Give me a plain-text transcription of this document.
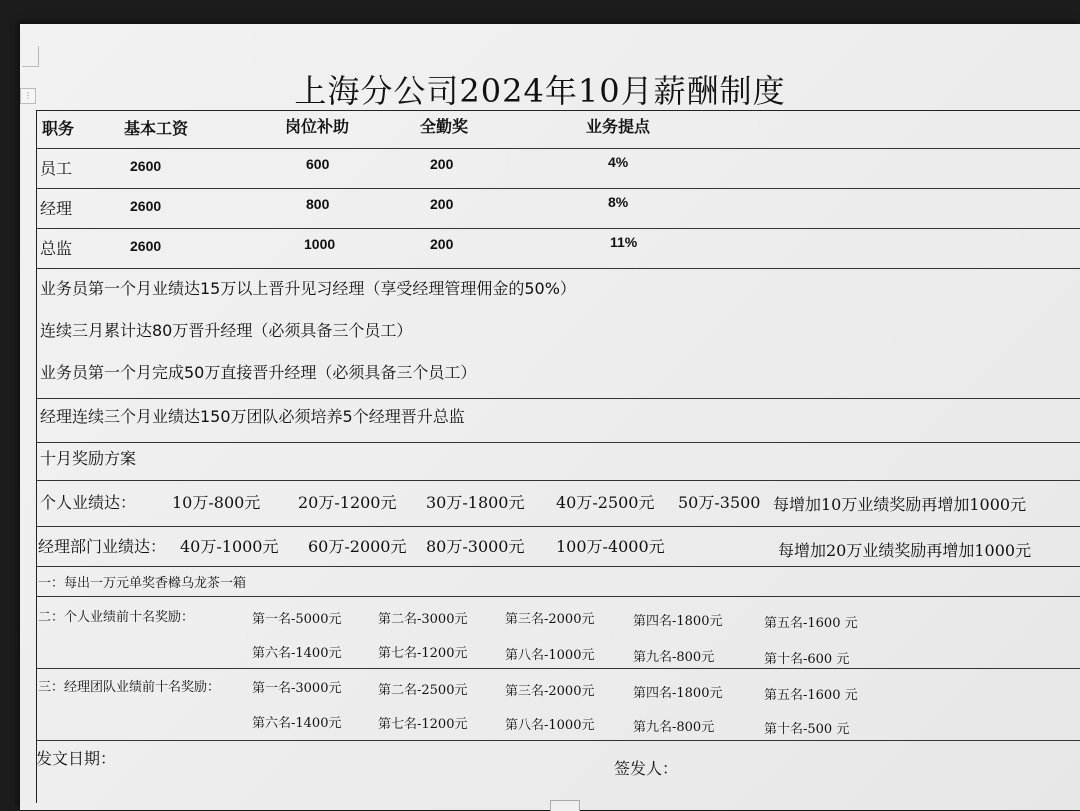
⋮	上海分公司2024年10月薪酬制度
职务	基本工资	岗位补助	全勤奖	业务提点
员工	2600	600	200	4%
经理	2600	800	200	8%
总监	2600	1000	200	11%
业务员第一个月业绩达15万以上晋升见习经理（享受经理管理佣金的50%）
连续三月累计达80万晋升经理（必须具备三个员工）
业务员第一个月完成50万直接晋升经理（必须具备三个员工）
经理连续三个月业绩达150万团队必须培养5个经理晋升总监
十月奖励方案
个人业绩达： 10万-800元 20万-1200元 30万-1800元 40万-2500元 50万-3500 每增加10万业绩奖励再增加1000元
经理部门业绩达： 40万-1000元 60万-2000元 80万-3000元 100万-4000元	每增加20万业绩奖励再增加1000元
一：每出一万元单奖香橼乌龙茶一箱
二：个人业绩前十名奖励：	第一名-5000元	第二名-3000元	第三名-2000元	第四名-1800元	第五名-1600 元
第六名-1400元	第七名-1200元	第八名-1000元	第九名-800元	第十名-600 元
三：经理团队业绩前十名奖励： 第一名-3000元	第二名-2500元	第三名-2000元	第四名-1800元	第五名-1600 元
第六名-1400元	第七名-1200元	第八名-1000元	第九名-800元	第十名-500 元
发文日期：
签发人：
